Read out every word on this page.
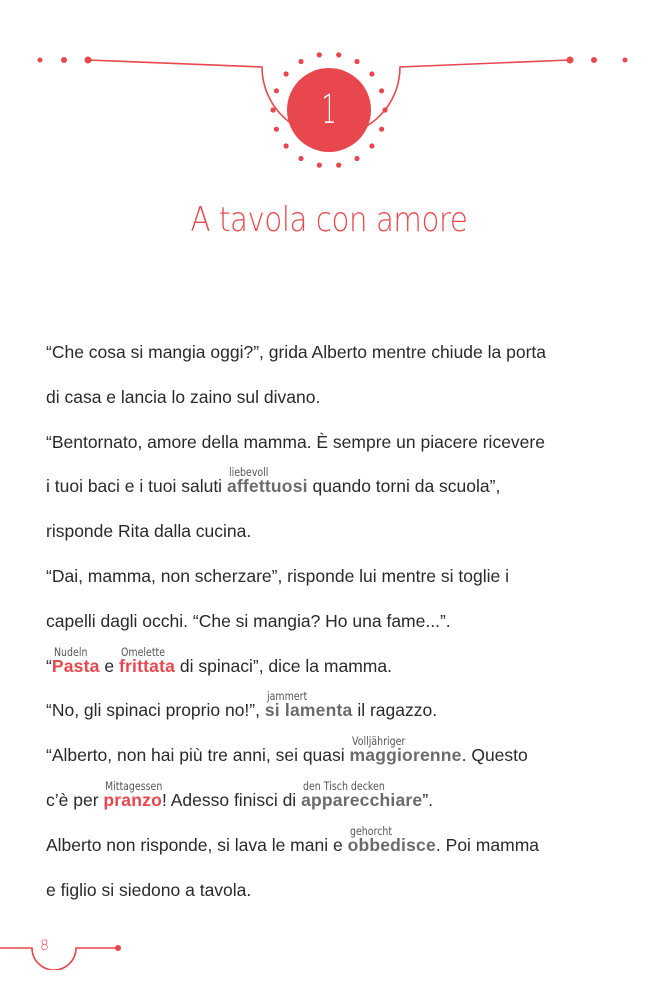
1
A tavola con amore
“Che cosa si mangia oggi?”, grida Alberto mentre chiude la porta
di casa e lancia lo zaino sul divano.
“Bentornato, amore della mamma. È sempre un piacere ricevere
i tuoi baci e i tuoi saluti
liebevoll
affettuosi quando torni da scuola”,
risponde Rita dalla cucina.
“Dai, mamma, non scherzare”, risponde lui mentre si toglie i
capelli dagli occhi. “Che si mangia? Ho una fame...”.
“
Nudeln
Pasta e
Omelette
frittata di spinaci”, dice la mamma.
“No, gli spinaci proprio no!”,
jammert
si lamenta il ragazzo.
“Alberto, non hai più tre anni, sei quasi
Volljähriger
maggiorenne. Questo
c’è per
Mittagessen
pranzo! Adesso finisci di
den Tisch decken
apparecchiare”.
Alberto non risponde, si lava le mani e
gehorcht
obbedisce. Poi mamma
e figlio si siedono a tavola.
8
